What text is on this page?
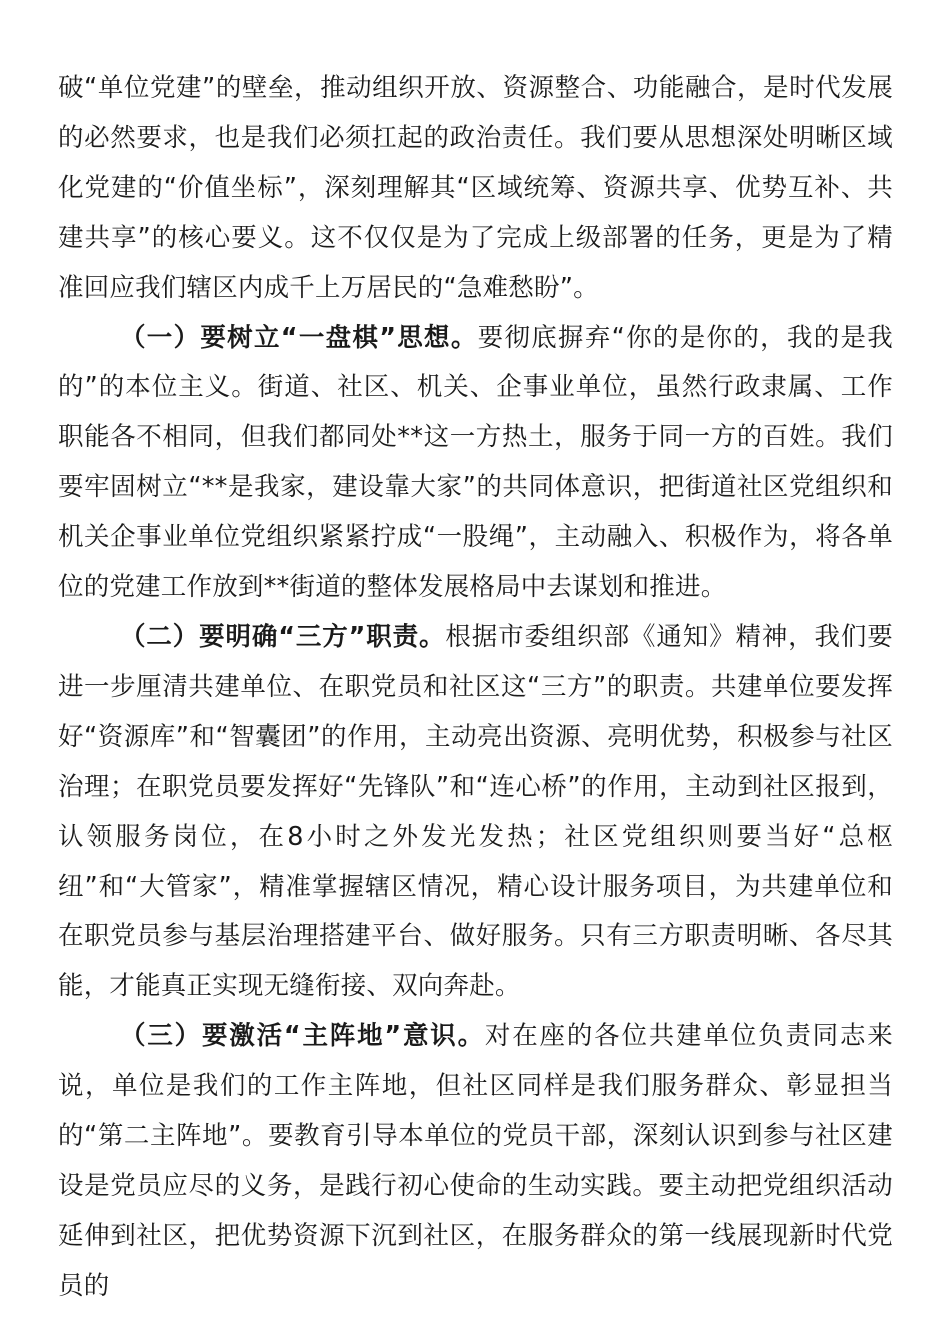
破“单位党建”的壁垒，推动组织开放、资源整合、功能融合，是时代发展的必然要求，也是我们必须扛起的政治责任。我们要从思想深处明晰区域化党建的“价值坐标”，深刻理解其“区域统筹、资源共享、优势互补、共建共享”的核心要义。这不仅仅是为了完成上级部署的任务，更是为了精准回应我们辖区内成千上万居民的“急难愁盼”。

（一）要树立“一盘棋”思想。要彻底摒弃“你的是你的，我的是我的”的本位主义。街道、社区、机关、企事业单位，虽然行政隶属、工作职能各不相同，但我们都同处**这一方热土，服务于同一方的百姓。我们要牢固树立“**是我家，建设靠大家”的共同体意识，把街道社区党组织和机关企事业单位党组织紧紧拧成“一股绳”，主动融入、积极作为，将各单位的党建工作放到**街道的整体发展格局中去谋划和推进。

（二）要明确“三方”职责。根据市委组织部《通知》精神，我们要进一步厘清共建单位、在职党员和社区这“三方”的职责。共建单位要发挥好“资源库”和“智囊团”的作用，主动亮出资源、亮明优势，积极参与社区治理；在职党员要发挥好“先锋队”和“连心桥”的作用，主动到社区报到，认领服务岗位，在8小时之外发光发热；社区党组织则要当好“总枢纽”和“大管家”，精准掌握辖区情况，精心设计服务项目，为共建单位和在职党员参与基层治理搭建平台、做好服务。只有三方职责明晰、各尽其能，才能真正实现无缝衔接、双向奔赴。

（三）要激活“主阵地”意识。对在座的各位共建单位负责同志来说，单位是我们的工作主阵地，但社区同样是我们服务群众、彰显担当的“第二主阵地”。要教育引导本单位的党员干部，深刻认识到参与社区建设是党员应尽的义务，是践行初心使命的生动实践。要主动把党组织活动延伸到社区，把优势资源下沉到社区，在服务群众的第一线展现新时代党员的
